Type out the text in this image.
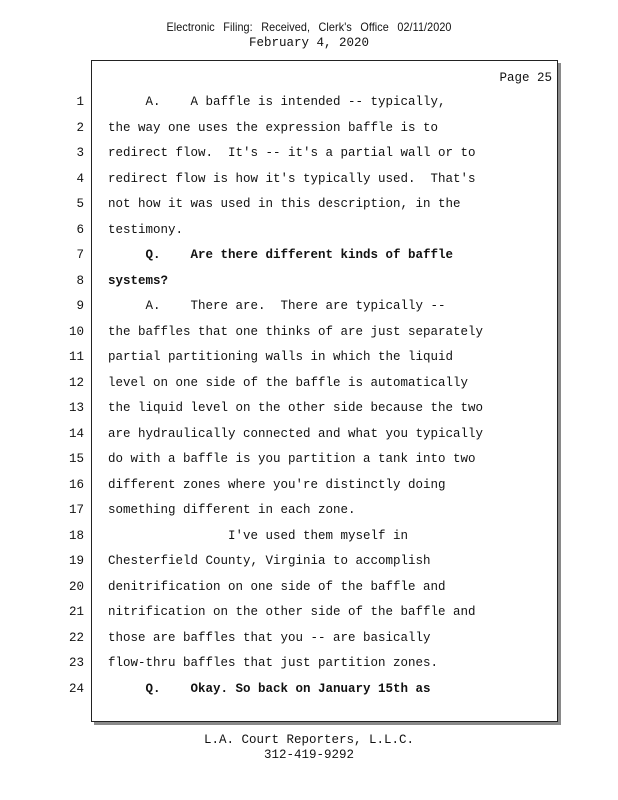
Electronic Filing: Received, Clerk's Office 02/11/2020
February 4, 2020
Page 25
1 A.    A baffle is intended -- typically,
2 the way one uses the expression baffle is to
3 redirect flow.  It's -- it's a partial wall or to
4 redirect flow is how it's typically used.  That's
5 not how it was used in this description, in the
6 testimony.
7 Q.    Are there different kinds of baffle
8 systems?
9 A.    There are.  There are typically --
10 the baffles that one thinks of are just separately
11 partial partitioning walls in which the liquid
12 level on one side of the baffle is automatically
13 the liquid level on the other side because the two
14 are hydraulically connected and what you typically
15 do with a baffle is you partition a tank into two
16 different zones where you're distinctly doing
17 something different in each zone.
18 I've used them myself in
19 Chesterfield County, Virginia to accomplish
20 denitrification on one side of the baffle and
21 nitrification on the other side of the baffle and
22 those are baffles that you -- are basically
23 flow-thru baffles that just partition zones.
24 Q.    Okay. So back on January 15th as
L.A. Court Reporters, L.L.C.
312-419-9292
